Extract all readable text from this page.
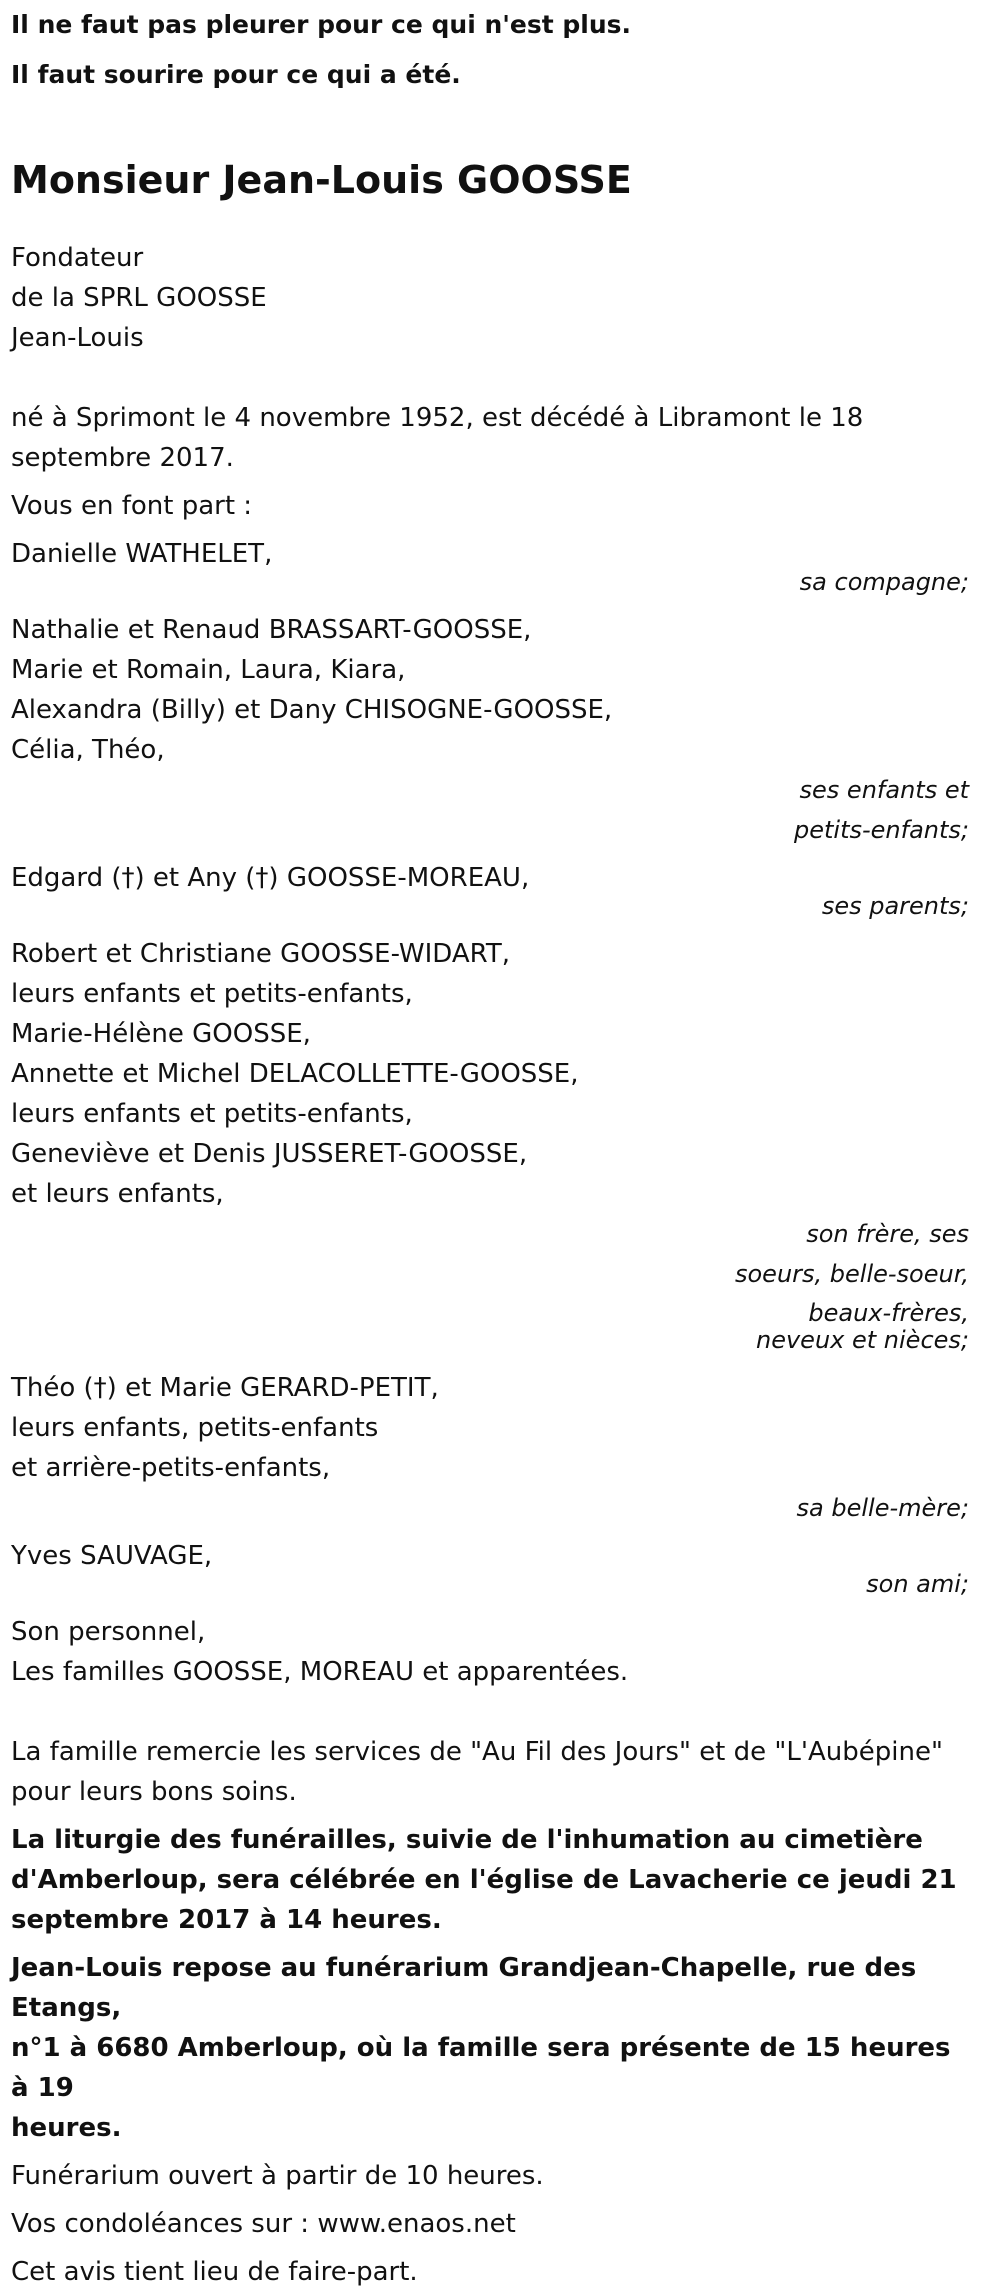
Il ne faut pas pleurer pour ce qui n'est plus.

Il faut sourire pour ce qui a été.

Monsieur Jean-Louis GOOSSE
Fondateur
de la SPRL GOOSSE
Jean-Louis
né à Sprimont le 4 novembre 1952, est décédé à Libramont le 18
septembre 2017.
Vous en font part :
Danielle WATHELET,
sa compagne;
Nathalie et Renaud BRASSART-GOOSSE,
Marie et Romain, Laura, Kiara,
Alexandra (Billy) et Dany CHISOGNE-GOOSSE,
Célia, Théo,
ses enfants et
petits-enfants;
Edgard (†) et Any (†) GOOSSE-MOREAU,
ses parents;
Robert et Christiane GOOSSE-WIDART,
leurs enfants et petits-enfants,
Marie-Hélène GOOSSE,
Annette et Michel DELACOLLETTE-GOOSSE,
leurs enfants et petits-enfants,
Geneviève et Denis JUSSERET-GOOSSE,
et leurs enfants,
son frère, ses
soeurs, belle-soeur,
beaux-frères,
neveux et nièces;
Théo (†) et Marie GERARD-PETIT,
leurs enfants, petits-enfants
et arrière-petits-enfants,
sa belle-mère;
Yves SAUVAGE,
son ami;
Son personnel,
Les familles GOOSSE, MOREAU et apparentées.
La famille remercie les services de "Au Fil des Jours" et de "L'Aubépine"
pour leurs bons soins.
La liturgie des funérailles, suivie de l'inhumation au cimetière
d'Amberloup, sera célébrée en l'église de Lavacherie ce jeudi 21
septembre 2017 à 14 heures.
Jean-Louis repose au funérarium Grandjean-Chapelle, rue des Etangs,
n°1 à 6680 Amberloup, où la famille sera présente de 15 heures à 19
heures.
Funérarium ouvert à partir de 10 heures.
Vos condoléances sur : www.enaos.net
Cet avis tient lieu de faire-part.
